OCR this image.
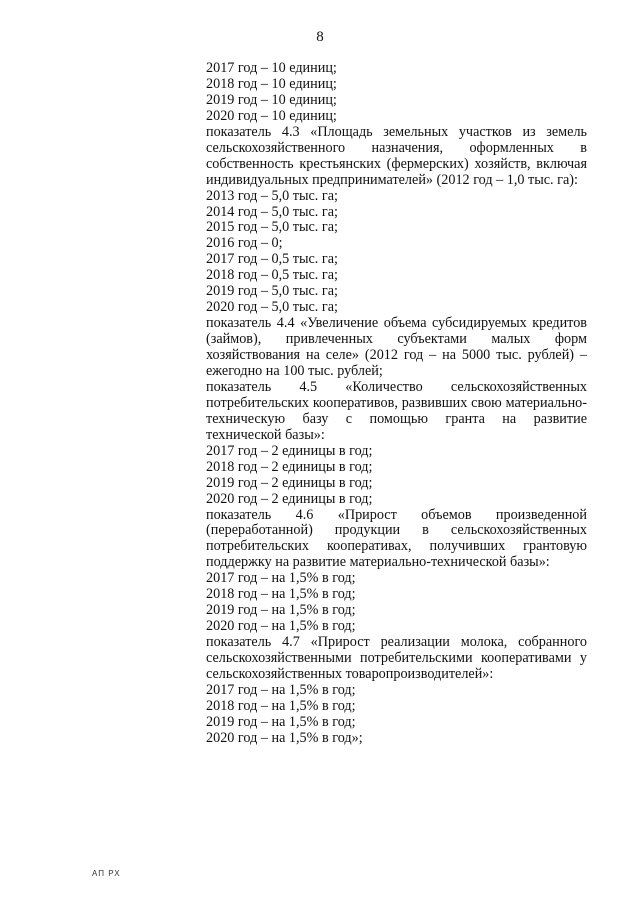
8
2017 год – 10 единиц;
2018 год – 10 единиц;
2019 год – 10 единиц;
2020 год – 10 единиц;
показатель 4.3 «Площадь земельных участков из земель
сельскохозяйственного назначения, оформленных в
собственность крестьянских (фермерских) хозяйств, включая
индивидуальных предпринимателей» (2012 год – 1,0 тыс. га):
2013 год – 5,0 тыс. га;
2014 год – 5,0 тыс. га;
2015 год – 5,0 тыс. га;
2016 год – 0;
2017 год – 0,5 тыс. га;
2018 год – 0,5 тыс. га;
2019 год – 5,0 тыс. га;
2020 год – 5,0 тыс. га;
показатель 4.4 «Увеличение объема субсидируемых кредитов
(займов), привлеченных субъектами малых форм
хозяйствования на селе» (2012 год – на 5000 тыс. рублей) –
ежегодно на 100 тыс. рублей;
показатель 4.5 «Количество сельскохозяйственных
потребительских кооперативов, развивших свою материально-
техническую базу с помощью гранта на развитие
технической базы»:
2017 год – 2 единицы в год;
2018 год – 2 единицы в год;
2019 год – 2 единицы в год;
2020 год – 2 единицы в год;
показатель 4.6 «Прирост объемов произведенной
(переработанной) продукции в сельскохозяйственных
потребительских кооперативах, получивших грантовую
поддержку на развитие материально-технической базы»:
2017 год – на 1,5% в год;
2018 год – на 1,5% в год;
2019 год – на 1,5% в год;
2020 год – на 1,5% в год;
показатель 4.7 «Прирост реализации молока, собранного
сельскохозяйственными потребительскими кооперативами у
сельскохозяйственных товаропроизводителей»:
2017 год – на 1,5% в год;
2018 год – на 1,5% в год;
2019 год – на 1,5% в год;
2020 год – на 1,5% в год»;
АП РХ
